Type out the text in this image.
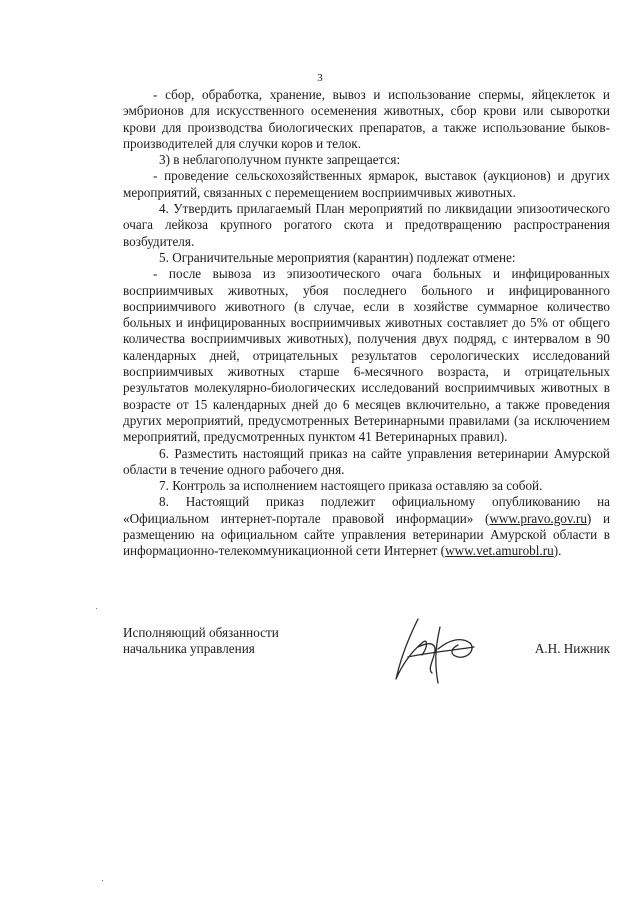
3

- сбор, обработка, хранение, вывоз и использование спермы, яйцеклеток и эмбрионов для искусственного осеменения животных, сбор крови или сыворотки крови для производства биологических препаратов, а также использование быков-производителей для случки коров и телок.

3) в неблагополучном пункте запрещается:

- проведение сельскохозяйственных ярмарок, выставок (аукционов) и других мероприятий, связанных с перемещением восприимчивых животных.

4. Утвердить прилагаемый План мероприятий по ликвидации эпизоотического очага лейкоза крупного рогатого скота и предотвращению распространения возбудителя.

5. Ограничительные мероприятия (карантин) подлежат отмене:

- после вывоза из эпизоотического очага больных и инфицированных восприимчивых животных, убоя последнего больного и инфицированного восприимчивого животного (в случае, если в хозяйстве суммарное количество больных и инфицированных восприимчивых животных составляет до 5% от общего количества восприимчивых животных), получения двух подряд, с интервалом в 90 календарных дней, отрицательных результатов серологических исследований восприимчивых животных старше 6-месячного возраста, и отрицательных результатов молекулярно-биологических исследований восприимчивых животных в возрасте от 15 календарных дней до 6 месяцев включительно, а также проведения других мероприятий, предусмотренных Ветеринарными правилами (за исключением мероприятий, предусмотренных пунктом 41 Ветеринарных правил).

6. Разместить настоящий приказ на сайте управления ветеринарии Амурской области в течение одного рабочего дня.

7. Контроль за исполнением настоящего приказа оставляю за собой.

8. Настоящий приказ подлежит официальному опубликованию на «Официальном интернет-портале правовой информации» (www.pravo.gov.ru) и размещению на официальном сайте управления ветеринарии Амурской области в информационно-телекоммуникационной сети Интернет (www.vet.amurobl.ru).

Исполняющий обязанности
начальника управления	А.Н. Нижник
